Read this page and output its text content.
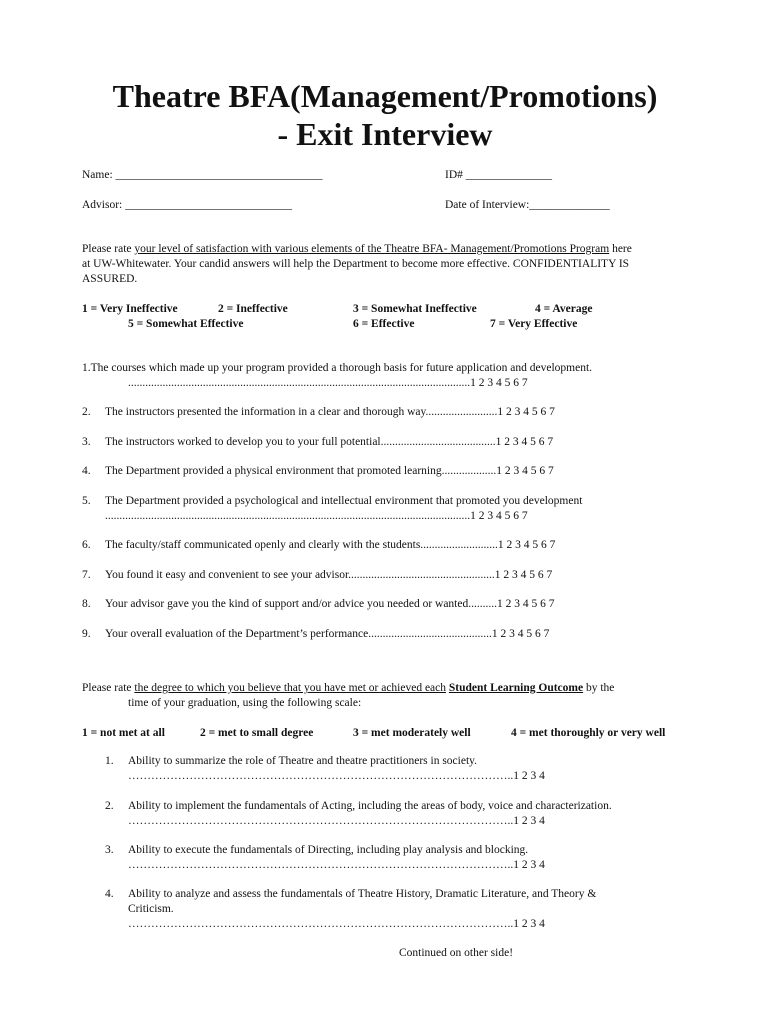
Theatre BFA(Management/Promotions)
- Exit Interview
Name: ____________________________________	ID# _______________
Advisor: _____________________________	Date of Interview:______________
Please rate your level of satisfaction with various elements of the Theatre BFA- Management/Promotions Program here
at UW-Whitewater. Your candid answers will help the Department to become more effective. CONFIDENTIALITY IS
ASSURED.
1 = Very Ineffective	2 = Ineffective	3 = Somewhat Ineffective	4 = Average
5 = Somewhat Effective	6 = Effective	7 = Very Effective
1.The courses which made up your program provided a thorough basis for future application and development.
.......................................................................................................................1 2 3 4 5 6 7
2. The instructors presented the information in a clear and thorough way.........................1 2 3 4 5 6 7
3. The instructors worked to develop you to your full potential........................................1 2 3 4 5 6 7
4. The Department provided a physical environment that promoted learning...................1 2 3 4 5 6 7
5. The Department provided a psychological and intellectual environment that promoted you development
...............................................................................................................................1 2 3 4 5 6 7
6. The faculty/staff communicated openly and clearly with the students...........................1 2 3 4 5 6 7
7. You found it easy and convenient to see your advisor...................................................1 2 3 4 5 6 7
8. Your advisor gave you the kind of support and/or advice you needed or wanted..........1 2 3 4 5 6 7
9. Your overall evaluation of the Department’s performance...........................................1 2 3 4 5 6 7
Please rate the degree to which you believe that you have met or achieved each Student Learning Outcome by the
time of your graduation, using the following scale:
1 = not met at all	2 = met to small degree	3 = met moderately well	4 = met thoroughly or very well
1. Ability to summarize the role of Theatre and theatre practitioners in society.
………………………………………………………………………………………..1 2 3 4
2. Ability to implement the fundamentals of Acting, including the areas of body, voice and characterization.
………………………………………………………………………………………..1 2 3 4
3. Ability to execute the fundamentals of Directing, including play analysis and blocking.
………………………………………………………………………………………..1 2 3 4
4. Ability to analyze and assess the fundamentals of Theatre History, Dramatic Literature, and Theory &
Criticism.
………………………………………………………………………………………..1 2 3 4
Continued on other side!
